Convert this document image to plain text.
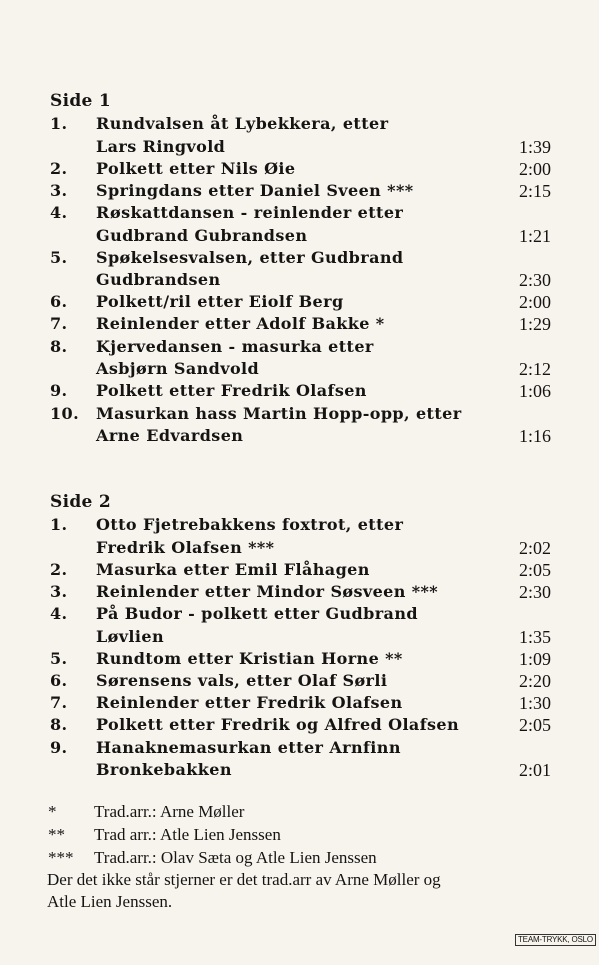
Side 1
1. Rundvalsen åt Lybekkera, etter
Lars Ringvold	1:39
2. Polkett etter Nils Øie	2:00
3. Springdans etter Daniel Sveen ***	2:15
4. Røskattdansen - reinlender etter
Gudbrand Gubrandsen	1:21
5. Spøkelsesvalsen, etter Gudbrand
Gudbrandsen	2:30
6. Polkett/ril etter Eiolf Berg	2:00
7. Reinlender etter Adolf Bakke *	1:29
8. Kjervedansen - masurka etter
Asbjørn Sandvold	2:12
9. Polkett etter Fredrik Olafsen	1:06
10. Masurkan hass Martin Hopp-opp, etter
Arne Edvardsen	1:16
Side 2
1. Otto Fjetrebakkens foxtrot, etter
Fredrik Olafsen ***	2:02
2. Masurka etter Emil Flåhagen	2:05
3. Reinlender etter Mindor Søsveen ***	2:30
4. På Budor - polkett etter Gudbrand
Løvlien	1:35
5. Rundtom etter Kristian Horne **	1:09
6. Sørensens vals, etter Olaf Sørli	2:20
7. Reinlender etter Fredrik Olafsen	1:30
8. Polkett etter Fredrik og Alfred Olafsen	2:05
9. Hanaknemasurkan etter Arnfinn
Bronkebakken	2:01
* Trad.arr.: Arne Møller
** Trad arr.: Atle Lien Jenssen
*** Trad.arr.: Olav Sæta og Atle Lien Jenssen
Der det ikke står stjerner er det trad.arr av Arne Møller og
Atle Lien Jenssen.
TEAM-TRYKK, OSLO
